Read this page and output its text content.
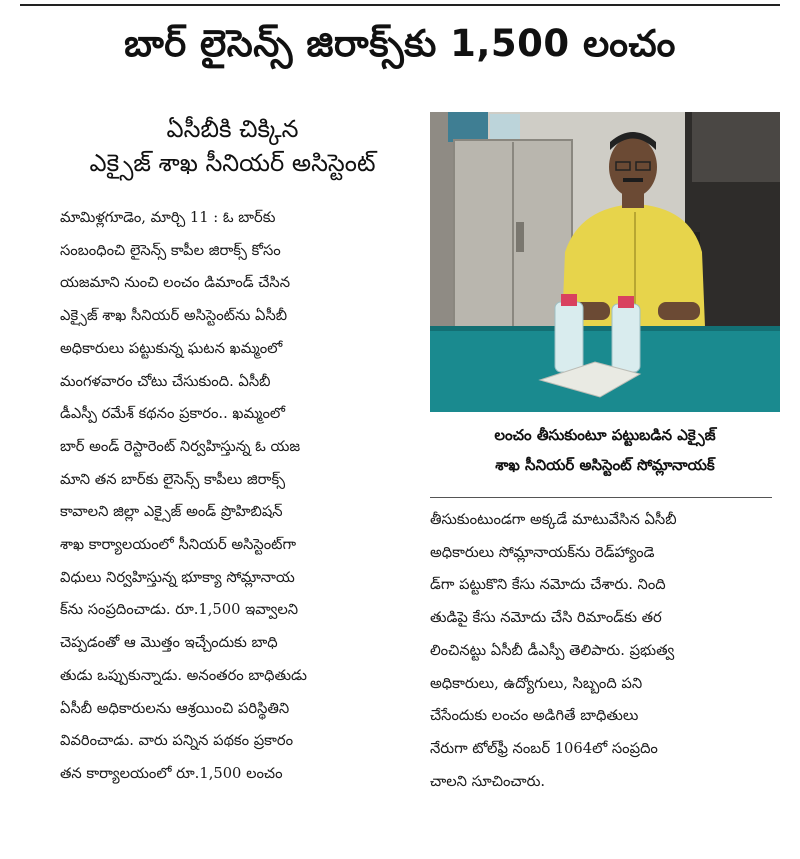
బార్ లైసెన్స్ జిరాక్స్‌కు 1,500 లంచం
ఏసీబీకి చిక్కిన
ఎక్సైజ్ శాఖ సీనియర్ అసిస్టెంట్
మామిళ్లగూడెం, మార్చి 11 : ఓ బార్‌కు
సంబంధించి లైసెన్స్ కాపీల జిరాక్స్ కోసం
యజమాని నుంచి లంచం డిమాండ్ చేసిన
ఎక్సైజ్ శాఖ సీనియర్ అసిస్టెంట్‌ను ఏసీబీ
అధికారులు పట్టుకున్న ఘటన ఖమ్మంలో
మంగళవారం చోటు చేసుకుంది. ఏసీబీ
డీఎస్పీ రమేశ్ కథనం ప్రకారం.. ఖమ్మంలో
బార్ అండ్ రెస్టారెంట్ నిర్వహిస్తున్న ఓ యజ
మాని తన బార్‌కు లైసెన్స్ కాపీలు జిరాక్స్
కావాలని జిల్లా ఎక్సైజ్ అండ్ ప్రొహిబిషన్
శాఖ కార్యాలయంలో సీనియర్ అసిస్టెంట్‌గా
విధులు నిర్వహిస్తున్న భూక్యా సోమ్లానాయ
క్‌ను సంప్రదించాడు. రూ.1,500 ఇవ్వాలని
చెప్పడంతో ఆ మొత్తం ఇచ్చేందుకు బాధి
తుడు ఒప్పుకున్నాడు. అనంతరం బాధితుడు
ఏసీబీ అధికారులను ఆశ్రయించి పరిస్థితిని
వివరించాడు. వారు పన్నిన పథకం ప్రకారం
తన కార్యాలయంలో రూ.1,500 లంచం
లంచం తీసుకుంటూ పట్టుబడిన ఎక్సైజ్
శాఖ సీనియర్ అసిస్టెంట్ సోమ్లానాయక్
తీసుకుంటుండగా అక్కడే మాటువేసిన ఏసీబీ
అధికారులు సోమ్లానాయక్‌ను రెడ్‌హ్యాండె
డ్‌గా పట్టుకొని కేసు నమోదు చేశారు. నింది
తుడిపై కేసు నమోదు చేసి రిమాండ్‌కు తర
లించినట్టు ఏసీబీ డీఎస్పీ తెలిపారు. ప్రభుత్వ
అధికారులు, ఉద్యోగులు, సిబ్బంది పని
చేసేందుకు లంచం అడిగితే బాధితులు
నేరుగా టోల్‌ఫ్రీ నంబర్ 1064లో సంప్రదిం
చాలని సూచించారు.
